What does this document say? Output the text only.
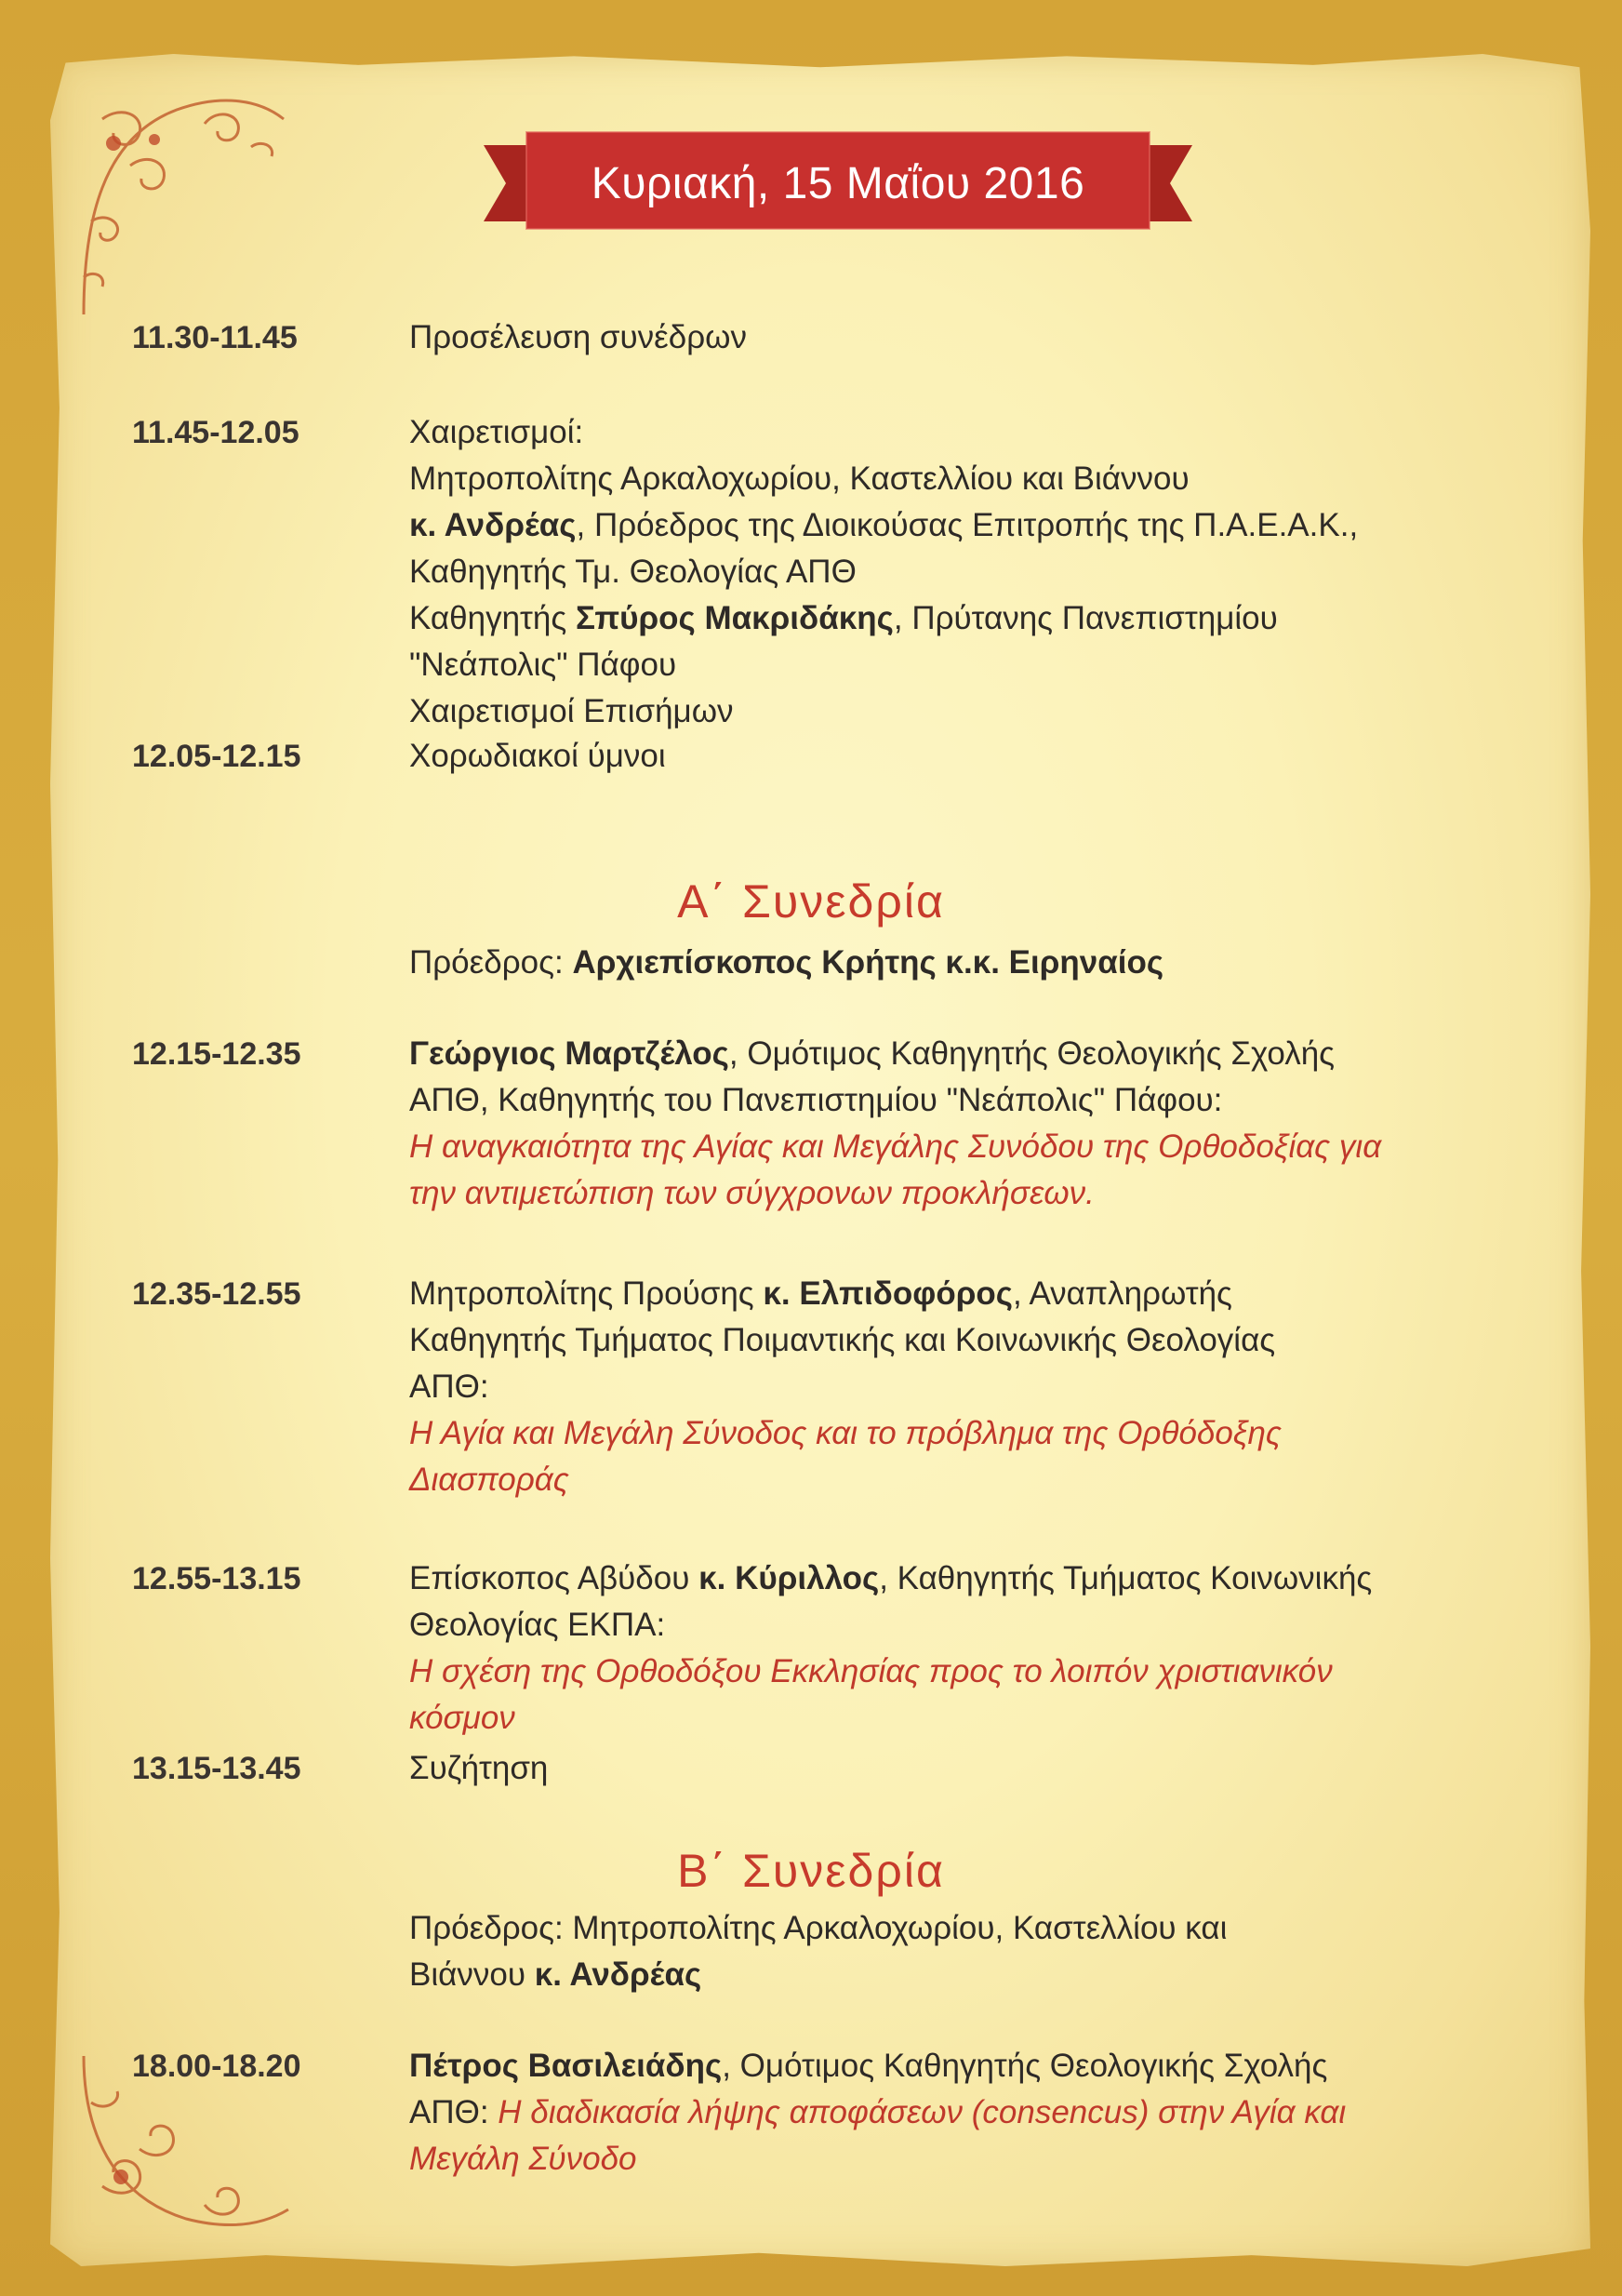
Κυριακή, 15 Μαΐου 2016
Α΄ Συνεδρία
Β΄ Συνεδρία
11.30-11.45	Προσέλευση συνέδρων
11.45-12.05	Χαιρετισμοί:
Μητροπολίτης Αρκαλοχωρίου, Καστελλίου και Βιάννου
κ. Ανδρέας, Πρόεδρος της Διοικούσας Επιτροπής της Π.Α.Ε.Α.Κ.,
Καθηγητής Τμ. Θεολογίας ΑΠΘ
Καθηγητής Σπύρος Μακριδάκης, Πρύτανης Πανεπιστημίου
"Νεάπολις" Πάφου
Χαιρετισμοί Επισήμων
12.05-12.15	Χορωδιακοί ύμνοι
Πρόεδρος: Αρχιεπίσκοπος Κρήτης κ.κ. Ειρηναίος
12.15-12.35	Γεώργιος Μαρτζέλος, Ομότιμος Καθηγητής Θεολογικής Σχολής
ΑΠΘ, Καθηγητής του Πανεπιστημίου "Νεάπολις" Πάφου:
Η αναγκαιότητα της Αγίας και Μεγάλης Συνόδου της Ορθοδοξίας για
την αντιμετώπιση των σύγχρονων προκλήσεων.
12.35-12.55	Μητροπολίτης Προύσης κ. Ελπιδοφόρος, Αναπληρωτής
Καθηγητής Τμήματος Ποιμαντικής και Κοινωνικής Θεολογίας
ΑΠΘ:
Η Αγία και Μεγάλη Σύνοδος και το πρόβλημα της Ορθόδοξης
Διασποράς
12.55-13.15	Επίσκοπος Αβύδου κ. Κύριλλος, Καθηγητής Τμήματος Κοινωνικής
Θεολογίας ΕΚΠΑ:
Η σχέση της Ορθοδόξου Εκκλησίας προς το λοιπόν χριστιανικόν
κόσμον
13.15-13.45	Συζήτηση
Πρόεδρος: Μητροπολίτης Αρκαλοχωρίου, Καστελλίου και
Βιάννου κ. Ανδρέας
18.00-18.20	Πέτρος Βασιλειάδης, Ομότιμος Καθηγητής Θεολογικής Σχολής
ΑΠΘ: Η διαδικασία λήψης αποφάσεων (consencus) στην Αγία και
Μεγάλη Σύνοδο
